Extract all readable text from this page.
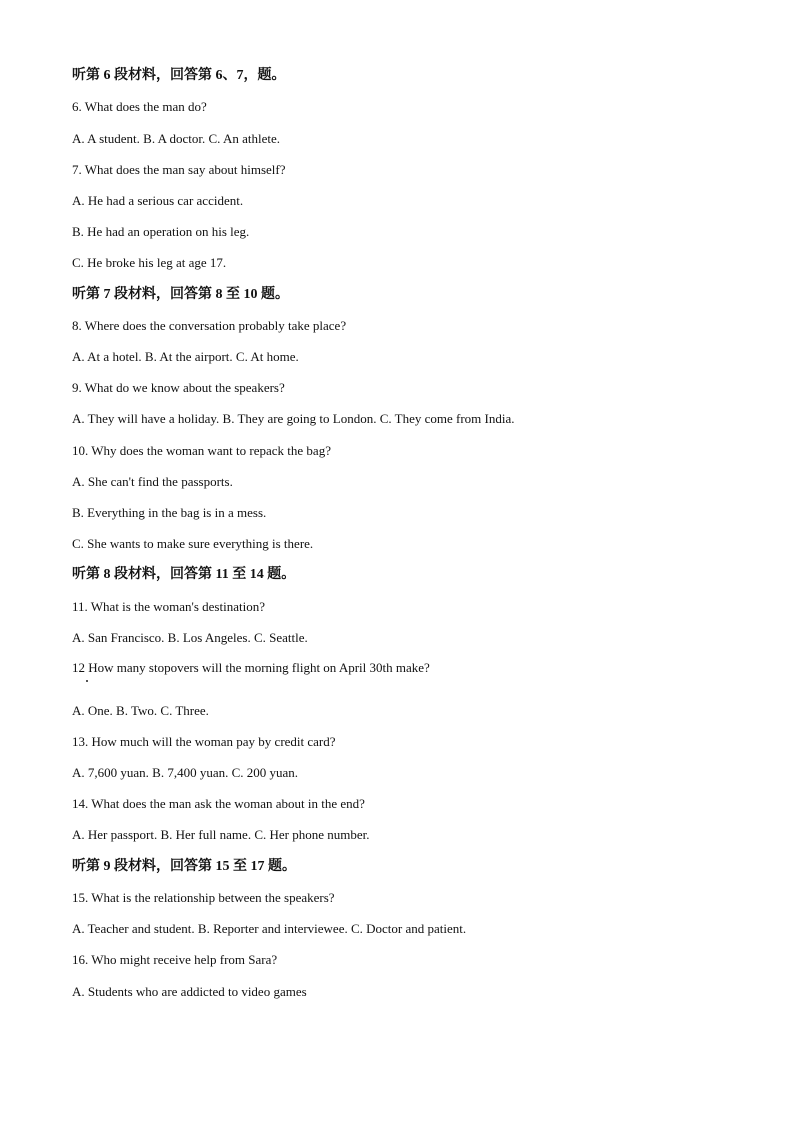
听第 6 段材料，回答第 6、7，题。
6. What does the man do?
A. A student. B. A doctor. C. An athlete.
7. What does the man say about himself?
A. He had a serious car accident.
B. He had an operation on his leg.
C. He broke his leg at age 17.
听第 7 段材料，回答第 8 至 10 题。
8. Where does the conversation probably take place?
A. At a hotel. B. At the airport. C. At home.
9. What do we know about the speakers?
A. They will have a holiday. B. They are going to London. C. They come from India.
10. Why does the woman want to repack the bag?
A. She can't find the passports.
B. Everything in the bag is in a mess.
C. She wants to make sure everything is there.
听第 8 段材料，回答第 11 至 14 题。
11. What is the woman's destination?
A. San Francisco. B. Los Angeles. C. Seattle.
12 How many stopovers will the morning flight on April 30th make?
A. One. B. Two. C. Three.
13. How much will the woman pay by credit card?
A. 7,600 yuan. B. 7,400 yuan. C. 200 yuan.
14. What does the man ask the woman about in the end?
A. Her passport. B. Her full name. C. Her phone number.
听第 9 段材料，回答第 15 至 17 题。
15. What is the relationship between the speakers?
A. Teacher and student. B. Reporter and interviewee. C. Doctor and patient.
16. Who might receive help from Sara?
A. Students who are addicted to video games
